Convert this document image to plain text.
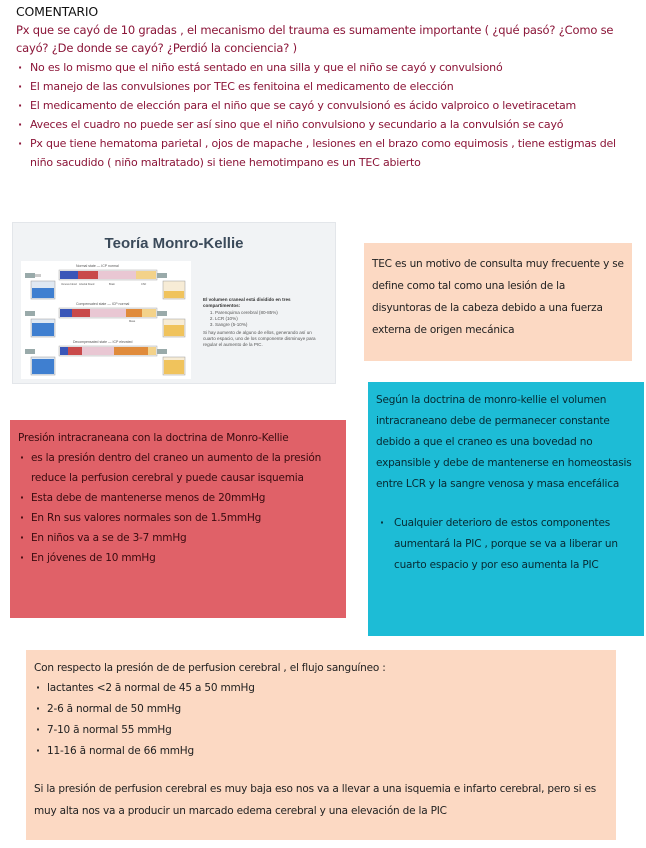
COMENTARIO
Px que se cayó de 10 gradas , el mecanismo del trauma es sumamente importante ( ¿qué pasó? ¿Como se cayó? ¿De donde se cayó? ¿Perdió la conciencia? )
· No es lo mismo que el niño está sentado en una silla y que el niño se cayó y convulsionó
· El manejo de las convulsiones por TEC es fenitoina el medicamento de elección
· El medicamento de elección para el niño que se cayó y convulsionó es ácido valproico o levetiracetam
· Aveces el cuadro no puede ser así sino que el niño convulsiono y secundario a la convulsión se cayó
· Px que tiene hematoma parietal , ojos de mapache , lesiones en el brazo como equimosis , tiene estigmas del niño sacudido ( niño maltratado) si tiene hemotimpano es un TEC abierto
Teoría Monro-Kellie
Normal state — ICP normal
Compensated state — ICP normal
Decompensated state — ICP elevated
Venous blood Arterial blood	Brain	CSF
Mass
El volumen craneal está dividido en tres compartimentos:
1. Parenquima cerebral (80-85%)
2. LCR (10%)
3. Sangre (5-10%)
Si hay aumento de alguno de ellos, generando así un cuarto espacio, uno de los componente disminuye para regular el aumento de la PIC.

TEC es un motivo de consulta muy frecuente y se define como tal como una lesión de la disyuntoras de la cabeza debido a una fuerza externa de origen mecánica

Presión intracraneana con la doctrina de Monro-Kellie
· es la presión dentro del craneo un aumento de la presión reduce la perfusion cerebral y puede causar isquemia
· Esta debe de mantenerse menos de 20mmHg
· En Rn sus valores normales son de 1.5mmHg
· En niños va a se de 3-7 mmHg
· En jóvenes de 10 mmHg

Según la doctrina de monro-kellie el volumen intracraneano debe de permanecer constante debido a que el craneo es una bovedad no expansible y debe de mantenerse en homeostasis entre LCR y la sangre venosa y masa encefálica

· Cualquier deterioro de estos componentes aumentará la PIC , porque se va a liberar un cuarto espacio y por eso aumenta la PIC
Con respecto la presión de de perfusion cerebral , el flujo sanguíneo :
· lactantes <2 ā normal de 45 a 50 mmHg
· 2-6 ā normal de 50 mmHg
· 7-10 ā normal 55 mmHg
· 11-16 ā normal de 66 mmHg
Si la presión de perfusion cerebral es muy baja eso nos va a llevar a una isquemia e infarto cerebral, pero si es muy alta nos va a producir un marcado edema cerebral y una elevación de la PIC
